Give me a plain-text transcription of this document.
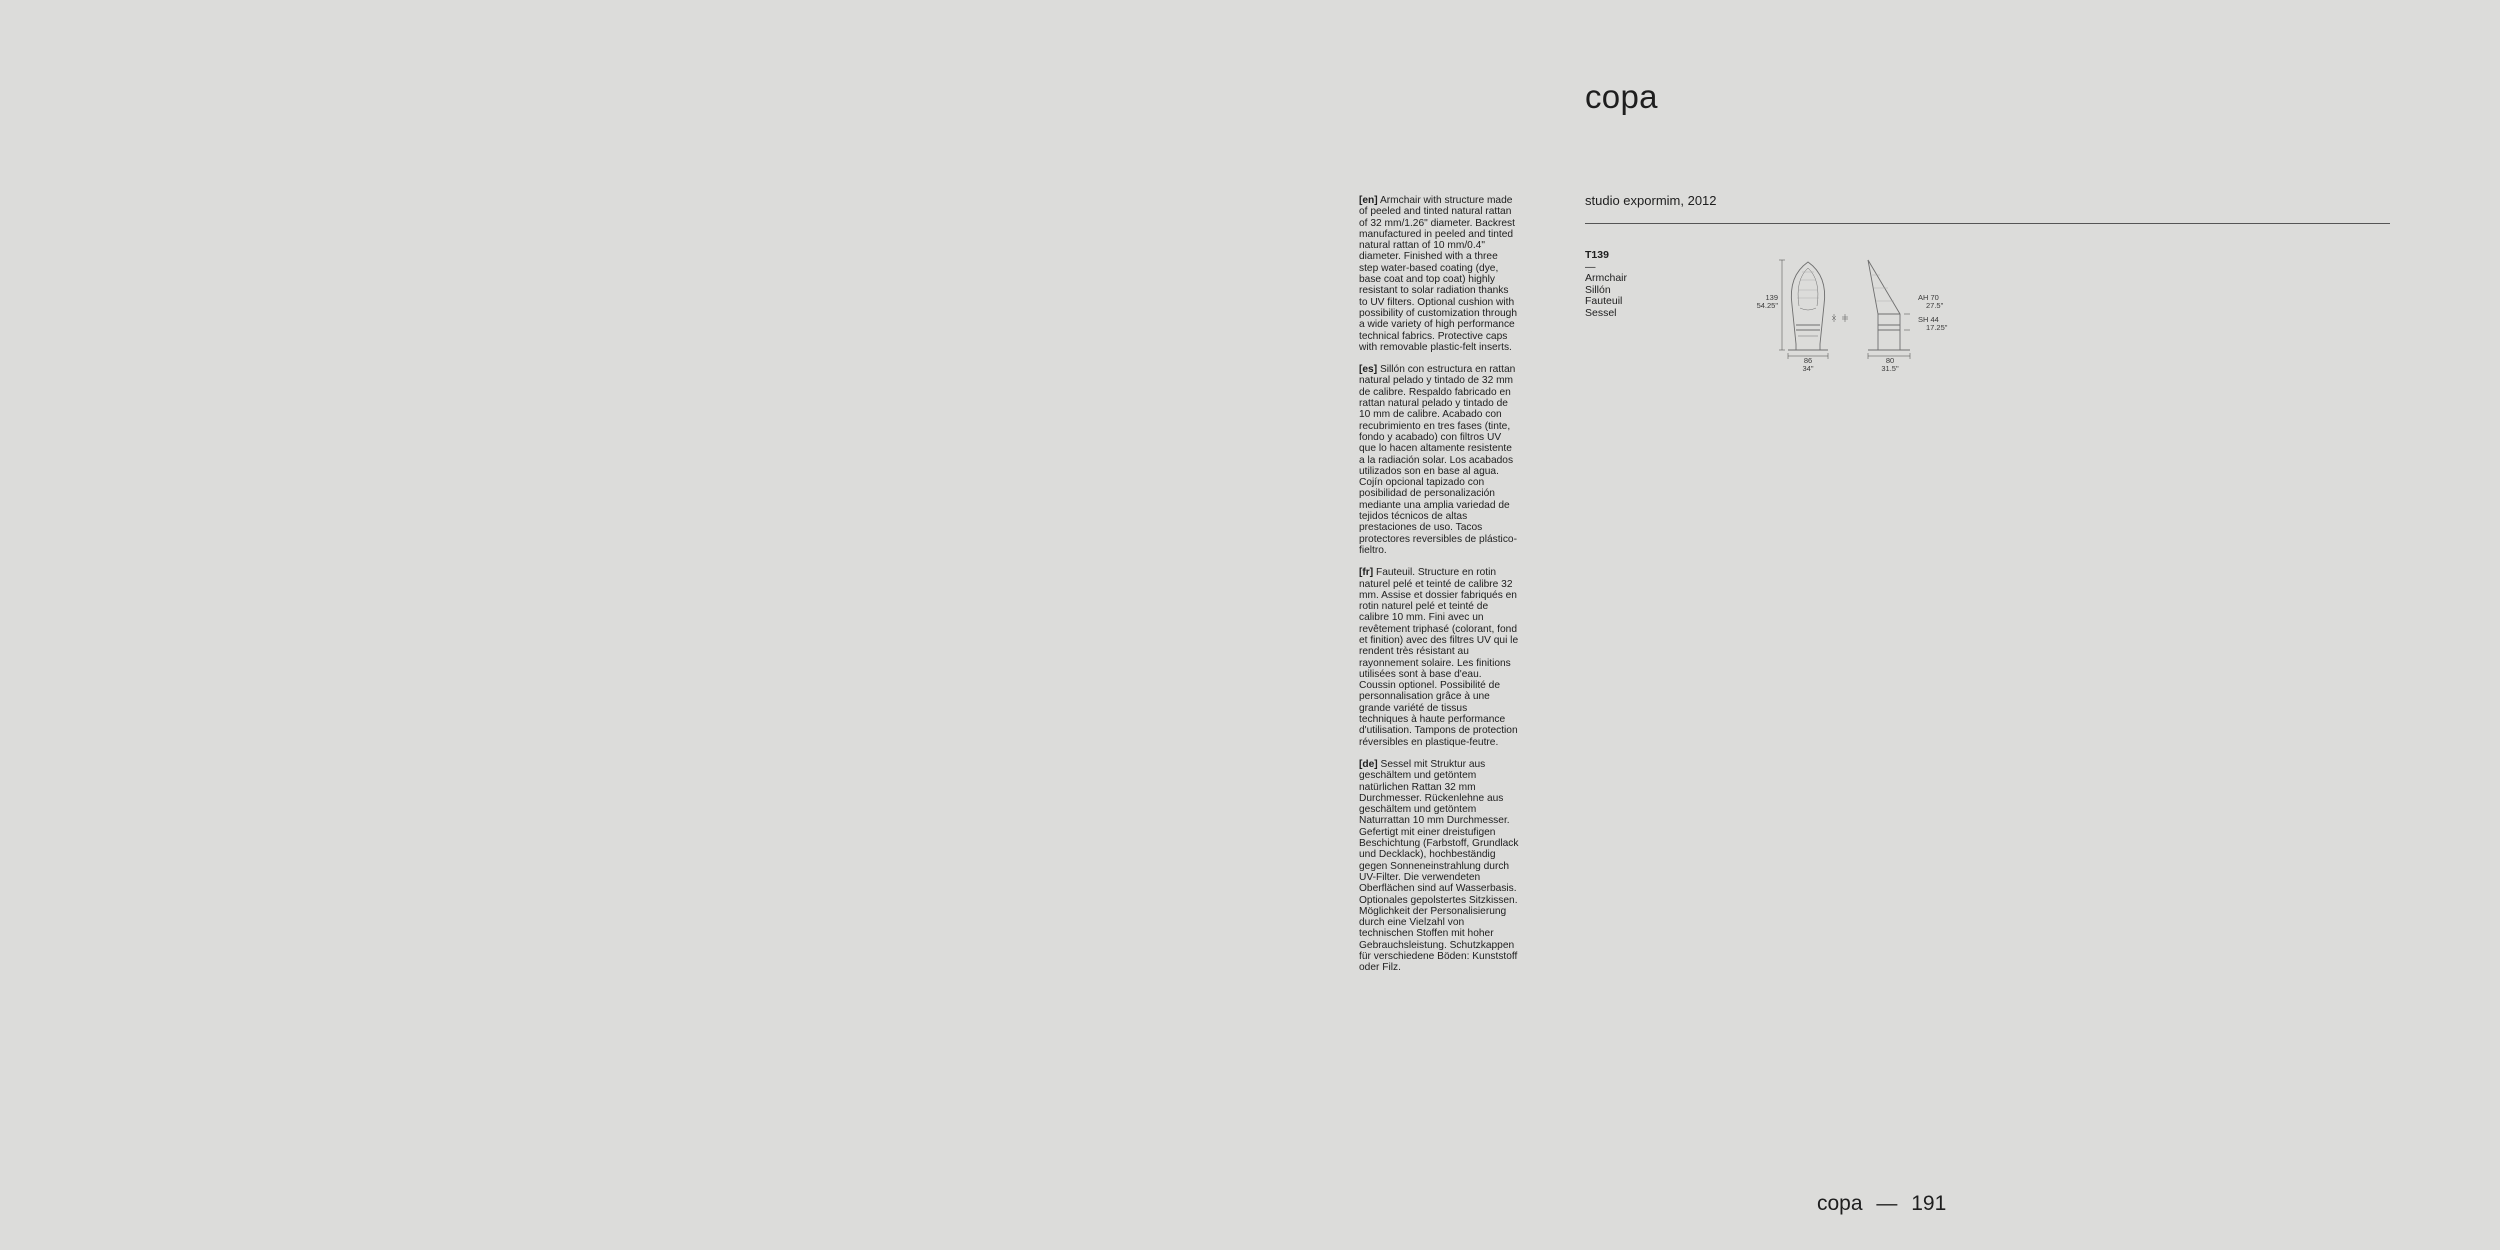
copa
studio expormim, 2012

[en] Armchair with structure made of peeled and tinted natural rattan of 32 mm/1.26" diameter. Backrest manufactured in peeled and tinted natural rattan of 10 mm/0.4" diameter. Finished with a three step water-based coating (dye, base coat and top coat) highly resistant to solar radiation thanks to UV filters. Optional cushion with possibility of customization through a wide variety of high performance technical fabrics. Protective caps with removable plastic-felt inserts.

[es] Sillón con estructura en rattan natural pelado y tintado de 32 mm de calibre. Respaldo fabricado en rattan natural pelado y tintado de 10 mm de calibre. Acabado con recubrimiento en tres fases (tinte, fondo y acabado) con filtros UV que lo hacen altamente resistente a la radiación solar. Los acabados utilizados son en base al agua. Cojín opcional tapizado con posibilidad de personalización mediante una amplia variedad de tejidos técnicos de altas prestaciones de uso. Tacos protectores reversibles de plástico-fieltro.

[fr] Fauteuil. Structure en rotin naturel pelé et teinté de calibre 32 mm. Assise et dossier fabriqués en rotin naturel pelé et teinté de calibre 10 mm. Fini avec un revêtement triphasé (colorant, fond et finition) avec des filtres UV qui le rendent très résistant au rayonnement solaire. Les finitions utilisées sont à base d'eau. Coussin optionel. Possibilité de personnalisation grâce à une grande variété de tissus techniques à haute performance d'utilisation. Tampons de protection réversibles en plastique-feutre.

[de] Sessel mit Struktur aus geschältem und getöntem natürlichen Rattan 32 mm Durchmesser. Rückenlehne aus geschältem und getöntem Naturrattan 10 mm Durchmesser. Gefertigt mit einer dreistufigen Beschichtung (Farbstoff, Grundlack und Decklack), hochbeständig gegen Sonneneinstrahlung durch UV-Filter. Die verwendeten Oberflächen sind auf Wasserbasis. Optionales gepolstertes Sitzkissen. Möglichkeit der Personalisierung durch eine Vielzahl von technischen Stoffen mit hoher Gebrauchsleistung. Schutzkappen für verschiedene Böden: Kunststoff oder Filz.

T139
—
Armchair
Sillón
Fauteuil
Sessel
139
54.25"
86
34"
AH 70
27.5"
SH 44
17.25"
80
31.5"
copa — 191
